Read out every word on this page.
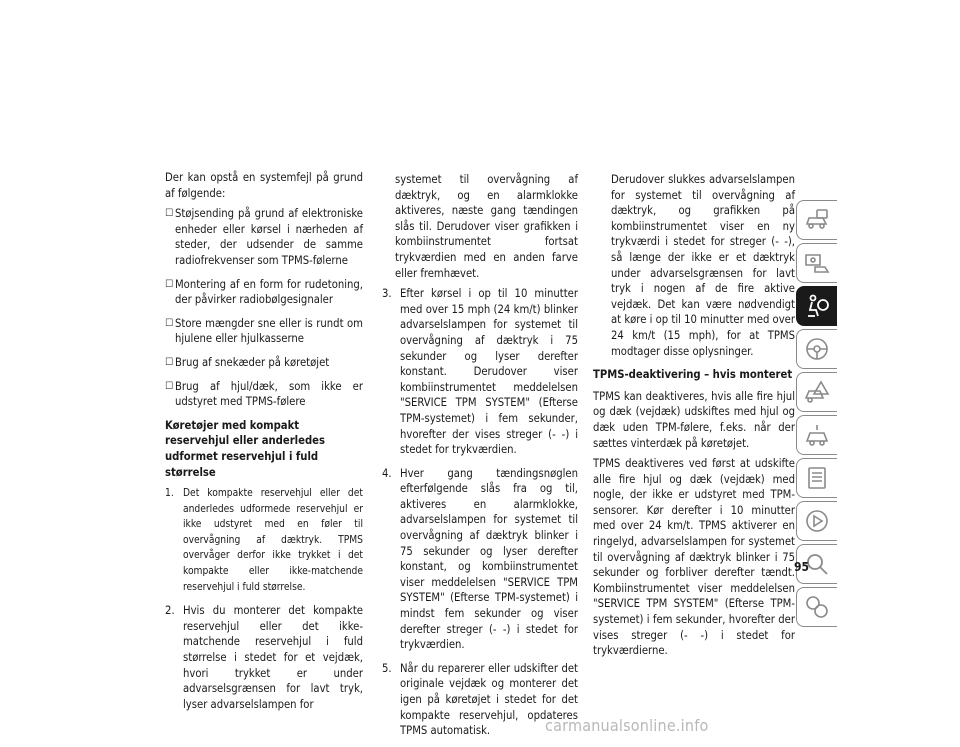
Der kan opstå en systemfejl på grund af følgende:

☐ Støjsending på grund af elektroniske enheder eller kørsel i nærheden af steder, der udsender de samme radiofrekvenser som TPMS-følerne
☐ Montering af en form for rudetoning, der påvirker radiobølgesignaler
☐ Store mængder sne eller is rundt om hjulene eller hjulkasserne
☐ Brug af snekæder på køretøjet
☐ Brug af hjul/dæk, som ikke er udstyret med TPMS-følere
Køretøjer med kompakt reservehjul eller anderledes udformet reservehjul i fuld størrelse
1. Det kompakte reservehjul eller det anderledes udformede reservehjul er ikke udstyret med en føler til overvågning af dæktryk. TPMS overvåger derfor ikke trykket i det kompakte eller ikke-matchende reservehjul i fuld størrelse.
2. Hvis du monterer det kompakte reservehjul eller det ikke-matchende reservehjul i fuld størrelse i stedet for et vejdæk, hvori trykket er under advarselsgrænsen for lavt tryk, lyser advarselslampen for

systemet til overvågning af dæktryk, og en alarmklokke aktiveres, næste gang tændingen slås til. Derudover viser grafikken i kombiinstrumentet fortsat trykværdien med en anden farve eller fremhævet.

3. Efter kørsel i op til 10 minutter med over 15 mph (24 km/t) blinker advarselslampen for systemet til overvågning af dæktryk i 75 sekunder og lyser derefter konstant. Derudover viser kombiinstrumentet meddelelsen "SERVICE TPM SYSTEM" (Efterse TPM-systemet) i fem sekunder, hvorefter der vises streger (- -) i stedet for trykværdien.
4. Hver gang tændingsnøglen efterfølgende slås fra og til, aktiveres en alarmklokke, advarselslampen for systemet til overvågning af dæktryk blinker i 75 sekunder og lyser derefter konstant, og kombiinstrumentet viser meddelelsen "SERVICE TPM SYSTEM" (Efterse TPM-systemet) i mindst fem sekunder og viser derefter streger (- -) i stedet for trykværdien.
5. Når du reparerer eller udskifter det originale vejdæk og monterer det igen på køretøjet i stedet for det kompakte reservehjul, opdateres TPMS automatisk.

Derudover slukkes advarselslampen for systemet til overvågning af dæktryk, og grafikken på kombiinstrumentet viser en ny trykværdi i stedet for streger (- -), så længe der ikke er et dæktryk under advarselsgrænsen for lavt tryk i nogen af de fire aktive vejdæk. Det kan være nødvendigt at køre i op til 10 minutter med over 24 km/t (15 mph), for at TPMS modtager disse oplysninger.

TPMS-deaktivering – hvis monteret

TPMS kan deaktiveres, hvis alle fire hjul og dæk (vejdæk) udskiftes med hjul og dæk uden TPM-følere, f.eks. når der sættes vinterdæk på køretøjet.

TPMS deaktiveres ved først at udskifte alle fire hjul og dæk (vejdæk) med nogle, der ikke er udstyret med TPM-sensorer. Kør derefter i 10 minutter med over 24 km/t. TPMS aktiverer en ringelyd, advarselslampen for systemet til overvågning af dæktryk blinker i 75 sekunder og forbliver derefter tændt. Kombiinstrumentet viser meddelelsen "SERVICE TPM SYSTEM" (Efterse TPM-systemet) i fem sekunder, hvorefter der vises streger (- -) i stedet for trykværdierne.

95
carmanualsonline.info
